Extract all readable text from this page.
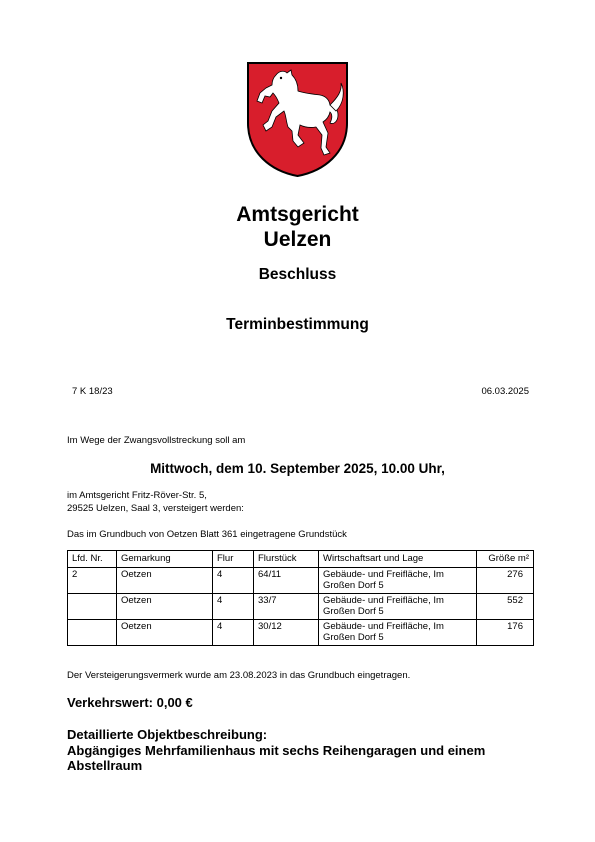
Amtsgericht
Uelzen
Beschluss
Terminbestimmung
7 K 18/23	06.03.2025
Im Wege der Zwangsvollstreckung soll am
Mittwoch, dem 10. September 2025, 10.00 Uhr,
im Amtsgericht Fritz-Röver-Str. 5,
29525 Uelzen, Saal 3, versteigert werden:
Das im Grundbuch von Oetzen Blatt 361 eingetragene Grundstück
Lfd. Nr.	Gemarkung	Flur	Flurstück	Wirtschaftsart und Lage	Größe m²
2	Oetzen	4	64/11	Gebäude- und Freifläche, Im
Großen Dorf 5	276
	Oetzen	4	33/7	Gebäude- und Freifläche, Im
Großen Dorf 5	552
	Oetzen	4	30/12	Gebäude- und Freifläche, Im
Großen Dorf 5	176
Der Versteigerungsvermerk wurde am 23.08.2023 in das Grundbuch eingetragen.
Verkehrswert: 0,00 €
Detaillierte Objektbeschreibung:
Abgängiges Mehrfamilienhaus mit sechs Reihengaragen und einem Abstellraum
